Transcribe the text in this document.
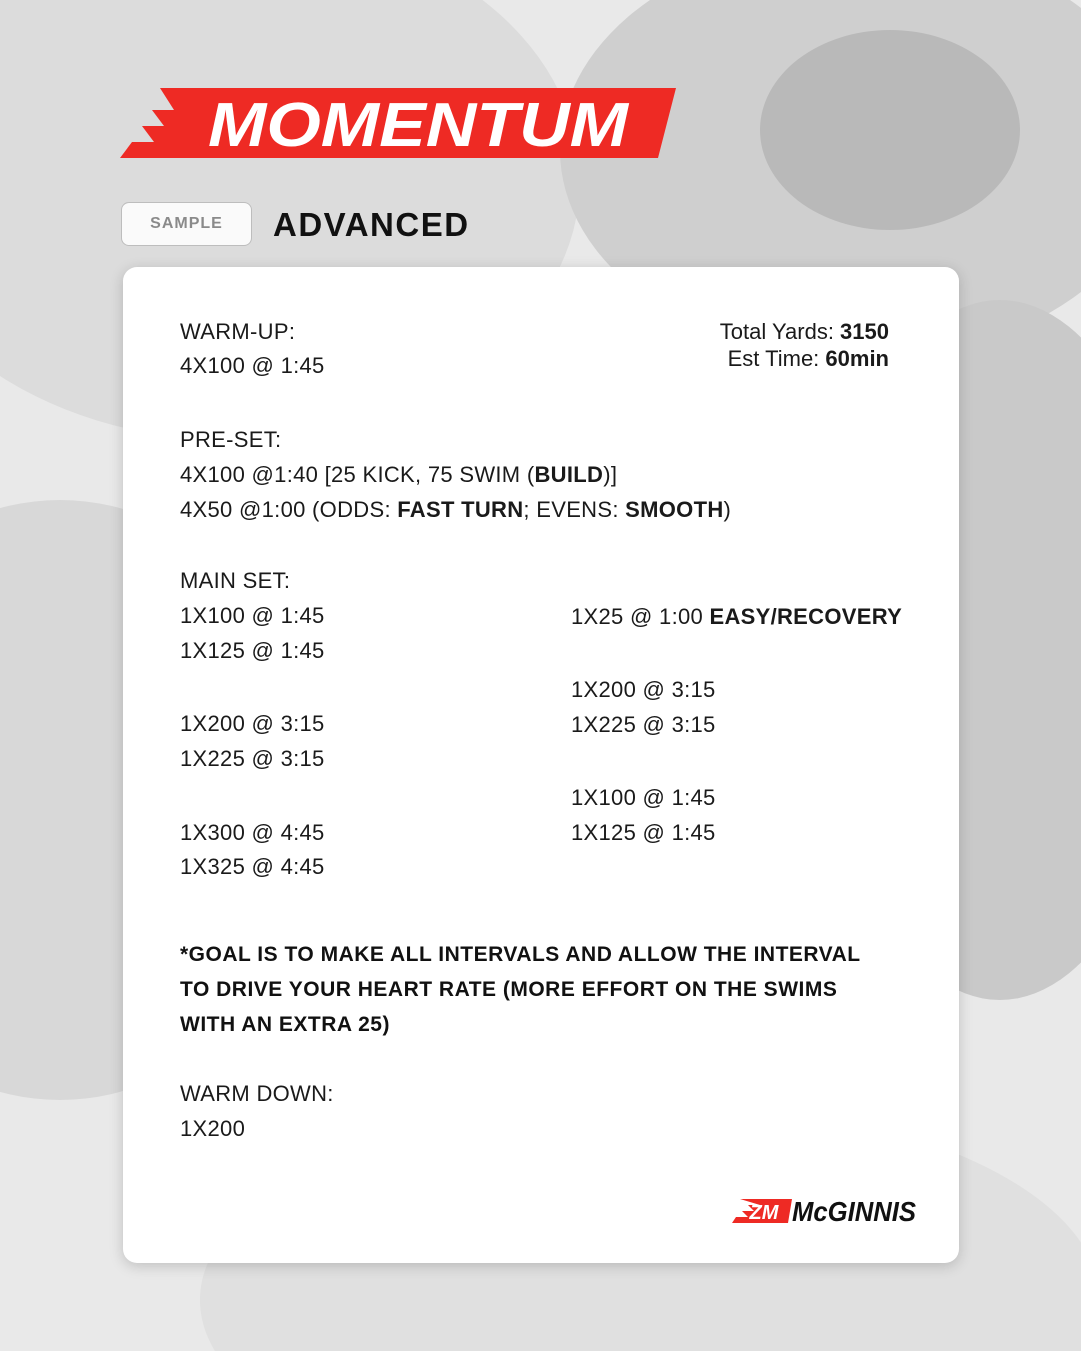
MOMENTUM
SAMPLE	ADVANCED
Total Yards: 3150
Est Time: 60min
WARM-UP:
4X100 @ 1:45
PRE-SET:
4X100 @1:40 [25 KICK, 75 SWIM (BUILD)]
4X50 @1:00 (ODDS: FAST TURN; EVENS: SMOOTH)
MAIN SET:
1X100 @ 1:45
1X125 @ 1:45
1X200 @ 3:15
1X225 @ 3:15
1X300 @ 4:45
1X325 @ 4:45
1X25 @ 1:00 EASY/RECOVERY
1X200 @ 3:15
1X225 @ 3:15
1X100 @ 1:45
1X125 @ 1:45
*GOAL IS TO MAKE ALL INTERVALS AND ALLOW THE INTERVAL TO DRIVE YOUR HEART RATE (MORE EFFORT ON THE SWIMS WITH AN EXTRA 25)
WARM DOWN:
1X200
ZM McGINNIS
